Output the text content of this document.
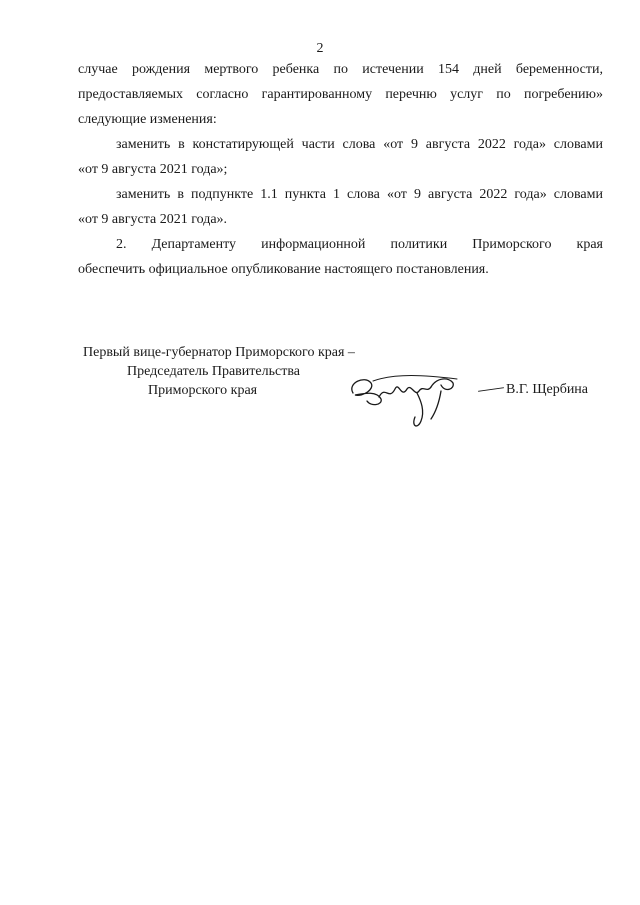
2
случае рождения мертвого ребенка по истечении 154 дней беременности,
предоставляемых согласно гарантированному перечню услуг по погребению»
следующие изменения:
заменить в констатирующей части слова «от 9 августа 2022 года» словами
«от 9 августа 2021 года»;
заменить в подпункте 1.1 пункта 1 слова «от 9 августа 2022 года» словами
«от 9 августа 2021 года».
2. Департаменту информационной политики Приморского края
обеспечить официальное опубликование настоящего постановления.
Первый вице-губернатор Приморского края –
Председатель Правительства
Приморского края	В.Г. Щербина
